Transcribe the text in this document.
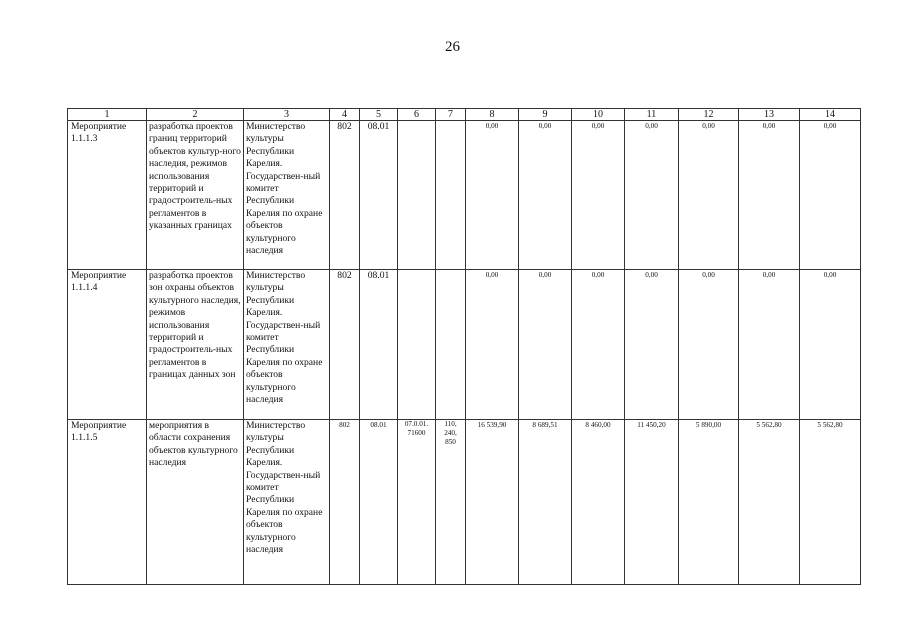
26
1	2	3	4	5	6	7	8	9	10	11	12	13	14
Мероприятие 1.1.1.3	разработка проектов границ территорий объектов культур-ного наследия, режимов использования территорий и градостроитель-ных регламентов в указанных границах	Министерство культуры Республики Карелия. Государствен-ный комитет Республики Карелия по охране объектов культурного наследия	802	08.01			0,00	0,00	0,00	0,00	0,00	0,00	0,00
Мероприятие 1.1.1.4	разработка проектов зон охраны объектов культурного наследия, режимов использования территорий и градостроитель-ных регламентов в границах данных зон	Министерство культуры Республики Карелия. Государствен-ный комитет Республики Карелия по охране объектов культурного наследия	802	08.01			0,00	0,00	0,00	0,00	0,00	0,00	0,00
Мероприятие 1.1.1.5	мероприятия в области сохранения объектов культурного наследия	Министерство культуры Республики Карелия. Государствен-ный комитет Республики Карелия по охране объектов культурного наследия	802	08.01	07.0.01. 71600	110, 240, 850	16 539,90	8 689,51	8 460,00	11 450,20	5 890,00	5 562,80	5 562,80
